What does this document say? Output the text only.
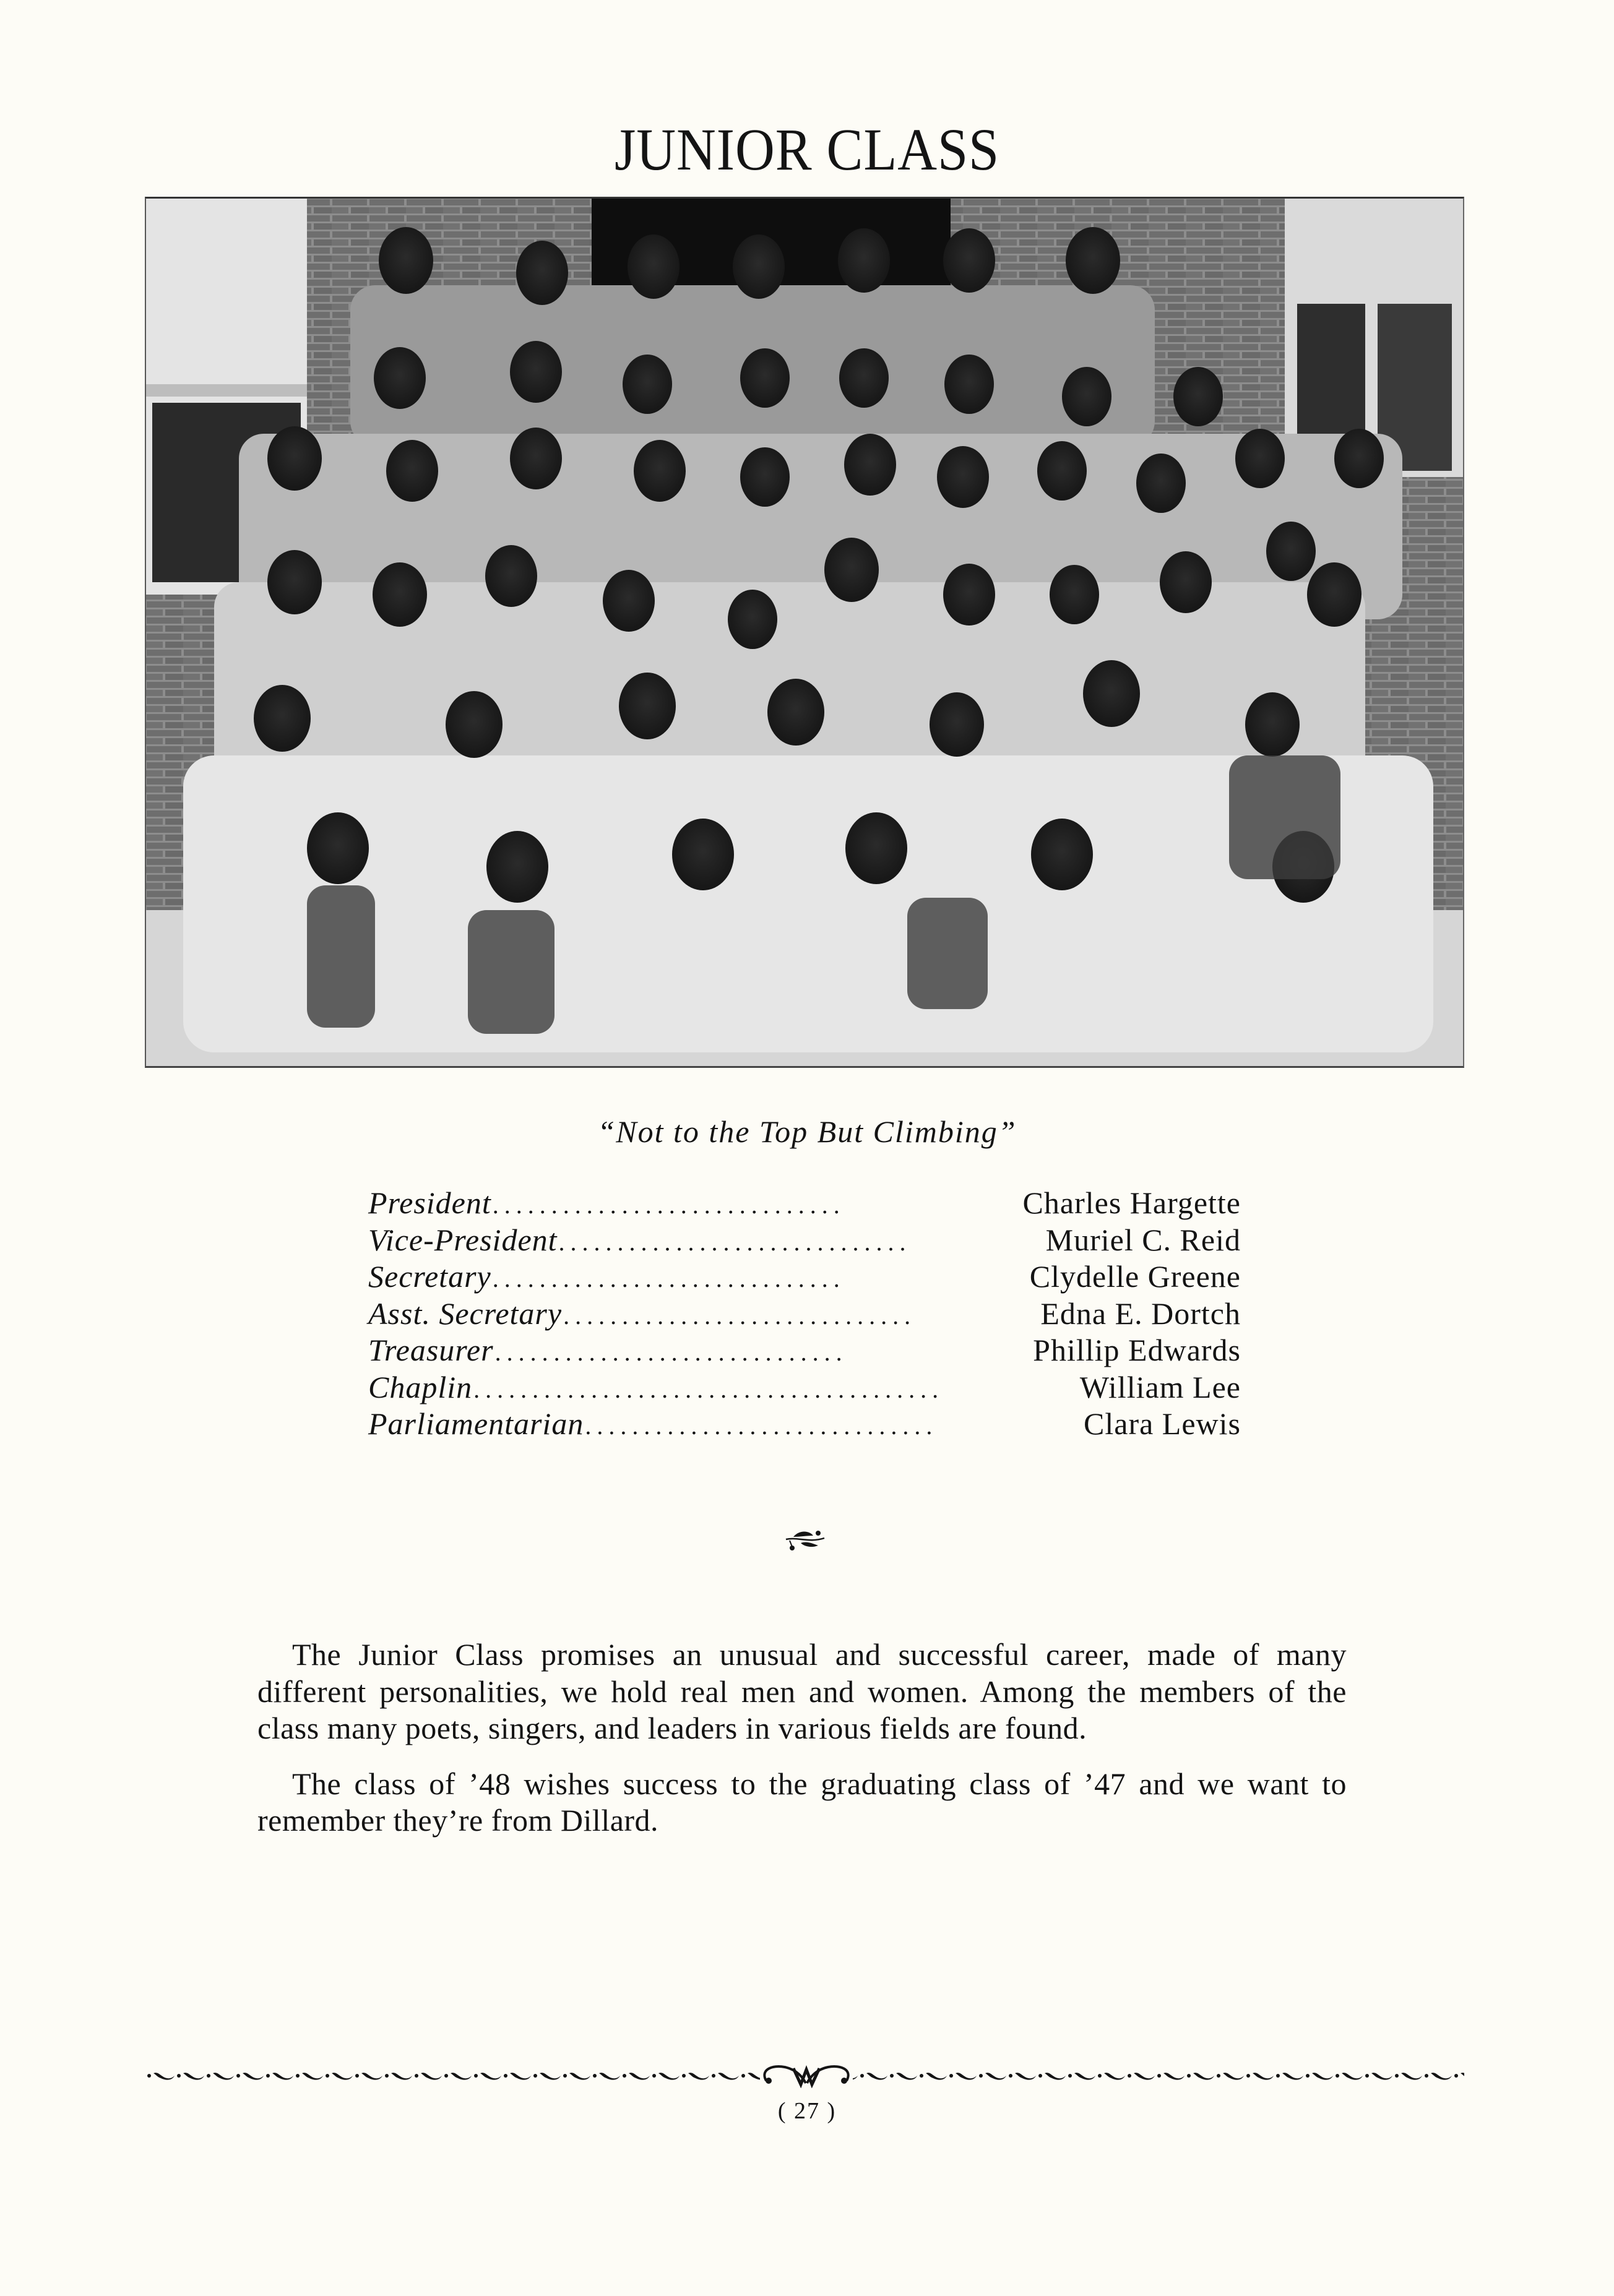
JUNIOR CLASS
“Not to the Top But Climbing”
President ..............................	Charles Hargette
Vice-President ..............................	Muriel C. Reid
Secretary ..............................	Clydelle Greene
Asst. Secretary ..............................	Edna E. Dortch
Treasurer ..............................	Phillip Edwards
Chaplin ........................................	William Lee
Parliamentarian ..............................	Clara Lewis

The Junior Class promises an unusual and successful career, made of many different personalities, we hold real men and women. Among the members of the class many poets, singers, and leaders in various fields are found.

The class of ’48 wishes success to the graduating class of ’47 and we want to remember they’re from Dillard.

( 27 )
